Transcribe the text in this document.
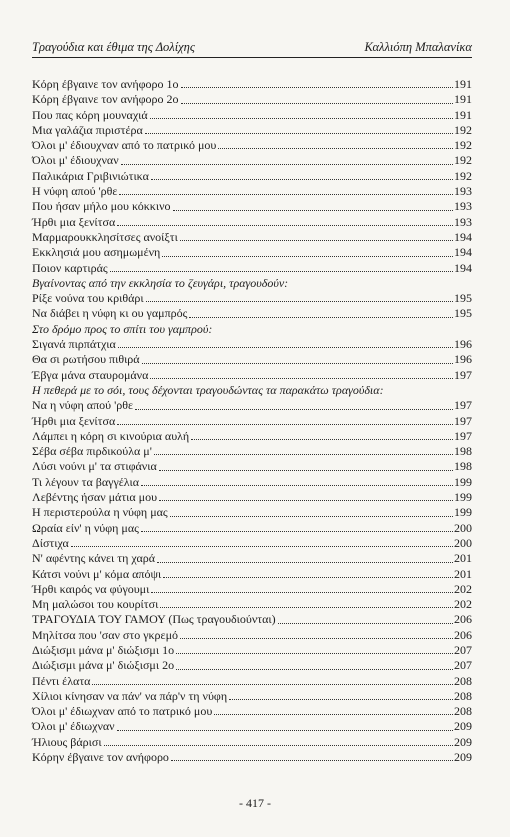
Τραγούδια και έθιμα της Δολίχης	Καλλιόπη Μπαλανίκα
Κόρη έβγαινε τον ανήφορο 1ο	191
Κόρη έβγαινε τον ανήφορο 2ο	191
Που πας κόρη μουναχιά	191
Μια γαλάζια πιριστέρα	192
Όλοι μ' έδιουχναν από το πατρικό μου	192
Όλοι μ' έδιουχναν	192
Παλικάρια Γριβινιώτικα	192
Η νύφη απού 'ρθε	193
Που ήσαν μήλο μου κόκκινο	193
Ήρθι μια ξενίτσα	193
Μαρμαρουκκλησίτσες ανοίξτι	194
Εκκλησιά μου ασημωμένη	194
Ποιον καρτιράς	194
Βγαίνοντας από την εκκλησία το ζευγάρι, τραγουδούν:
Ρίξε νούνα του κριθάρι	195
Να διάβει η νύφη κι ου γαμπρός	195
Στο δρόμο προς το σπίτι του γαμπρού:
Σιγανά πιρπάτχια	196
Θα σι ρωτήσου πιθιρά	196
Έβγα μάνα σταυρομάνα	197
Η πεθερά με το σόι, τους δέχονται τραγουδώντας τα παρακάτω τραγούδια:
Να η νύφη απού 'ρθε	197
Ήρθι μια ξενίτσα	197
Λάμπει η κόρη σι κινούρια αυλή	197
Σέβα σέβα πιρδικούλα μ'	198
Λύσι νούνι μ' τα στιφάνια	198
Τι λέγουν τα βαγγέλια	199
Λεβέντης ήσαν μάτια μου	199
Η περιστερούλα η νύφη μας	199
Ωραία είν' η νύφη μας	200
Δίστιχα	200
Ν' αφέντης κάνει τη χαρά	201
Κάτσι νούνι μ' κόμα απόψι	201
Ήρθι καιρός να φύγουμι	202
Μη μαλώσοι του κουρίτσι	202
ΤΡΑΓΟΥΔΙΑ ΤΟΥ ΓΑΜΟΥ (Πως τραγουδιούνται)	206
Μηλίτσα που 'σαν στο γκρεμό	206
Διώξισμι μάνα μ' διώξισμι 1ο	207
Διώξισμι μάνα μ' διώξισμι 2ο	207
Πέντι έλατα	208
Χίλιοι κίνησαν να πάν' να πάρ'ν τη νύφη	208
Όλοι μ' έδιωχναν από το πατρικό μου	208
Όλοι μ' έδιωχναν	209
Ήλιους βάρισι	209
Κόρην έβγαινε τον ανήφορο	209
- 417 -
